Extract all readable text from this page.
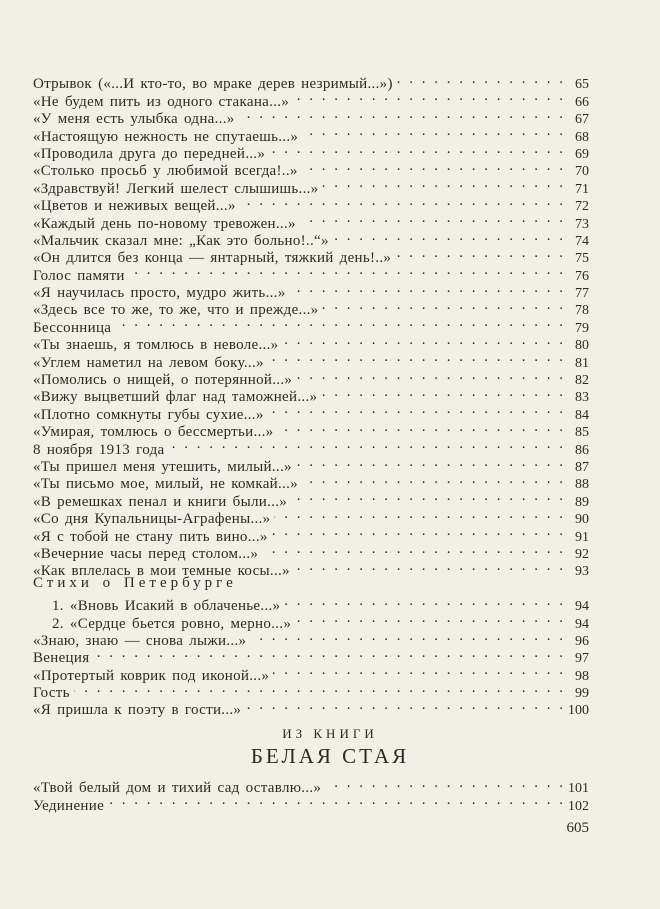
Отрывок («...И кто-то, во мраке дерев незримый...») . . .	65
«Не будем пить из одного стакана...» . . .	66
«У меня есть улыбка одна...» . . .	67
«Настоящую нежность не спутаешь...» . . .	68
«Проводила друга до передней...» . . .	69
«Столько просьб у любимой всегда!..» . . .	70
«Здравствуй! Легкий шелест слышишь...» . . .	71
«Цветов и неживых вещей...» . . .	72
«Каждый день по-новому тревожен...» . . .	73
«Мальчик сказал мне: „Как это больно!..“» . . .	74
«Он длится без конца — янтарный, тяжкий день!..» . . .	75
Голос памяти . . .	76
«Я научилась просто, мудро жить...» . . .	77
«Здесь все то же, то же, что и прежде...» . . .	78
Бессонница . . .	79
«Ты знаешь, я томлюсь в неволе...» . . .	80
«Углем наметил на левом боку...» . . .	81
«Помолись о нищей, о потерянной...» . . .	82
«Вижу выцветший флаг над таможней...» . . .	83
«Плотно сомкнуты губы сухие...» . . .	84
«Умирая, томлюсь о бессмертьи...» . . .	85
8 ноября 1913 года . . .	86
«Ты пришел меня утешить, милый...» . . .	87
«Ты письмо мое, милый, не комкай...» . . .	88
«В ремешках пенал и книги были...» . . .	89
«Со дня Купальницы-Аграфены...» . . .	90
«Я с тобой не стану пить вино...» . . .	91
«Вечерние часы перед столом...» . . .	92
«Как вплелась в мои темные косы...» . . .	93
Стихи о Петербурге
1. «Вновь Исакий в облаченье...» . . .	94
2. «Сердце бьется ровно, мерно...» . . .	94
«Знаю, знаю — снова лыжи...» . . .	96
Венеция . . .	97
«Протертый коврик под иконой...» . . .	98
Гость . . .	99
«Я пришла к поэту в гости...» . . .	100
ИЗ КНИГИ
БЕЛАЯ СТАЯ
«Твой белый дом и тихий сад оставлю...» . . .	101
Уединение . . .	102
605
